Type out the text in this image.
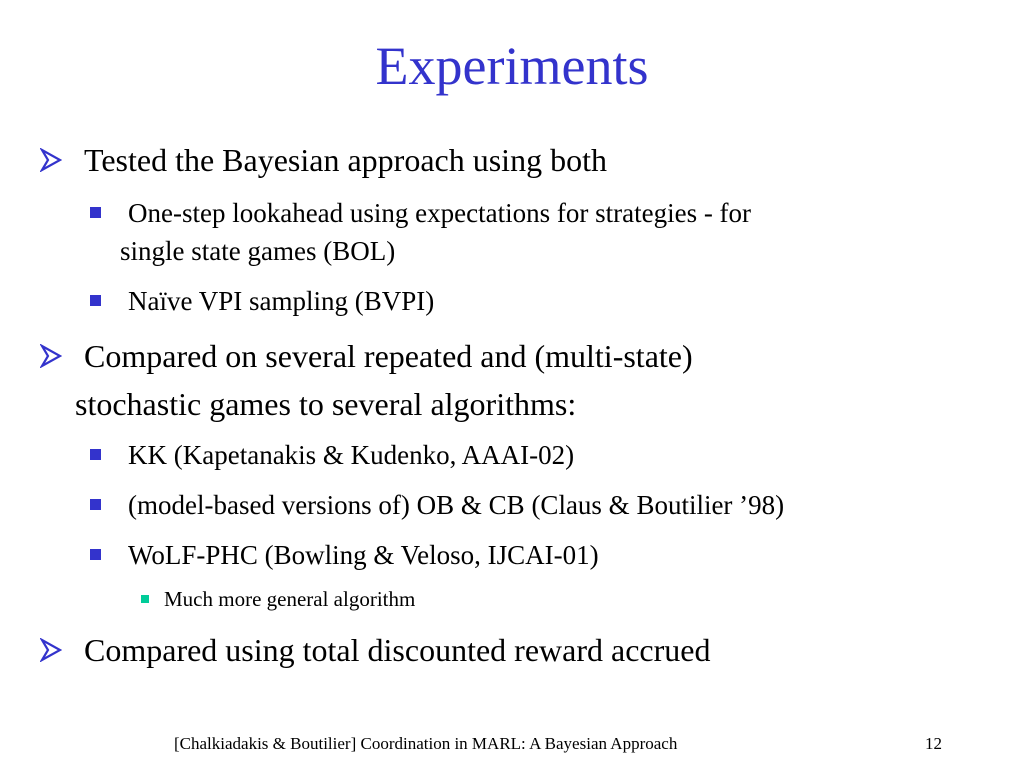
Experiments
Tested the Bayesian approach using both
One-step lookahead using expectations for strategies - for
single state games (BOL)
Naïve VPI sampling (BVPI)
Compared on several repeated and (multi-state)
stochastic games to several algorithms:
KK (Kapetanakis & Kudenko, AAAI-02)
(model-based versions of) OB & CB (Claus & Boutilier ’98)
WoLF-PHC (Bowling & Veloso, IJCAI-01)
Much more general algorithm
Compared using total discounted reward accrued
[Chalkiadakis & Boutilier] Coordination in MARL: A Bayesian Approach	12
